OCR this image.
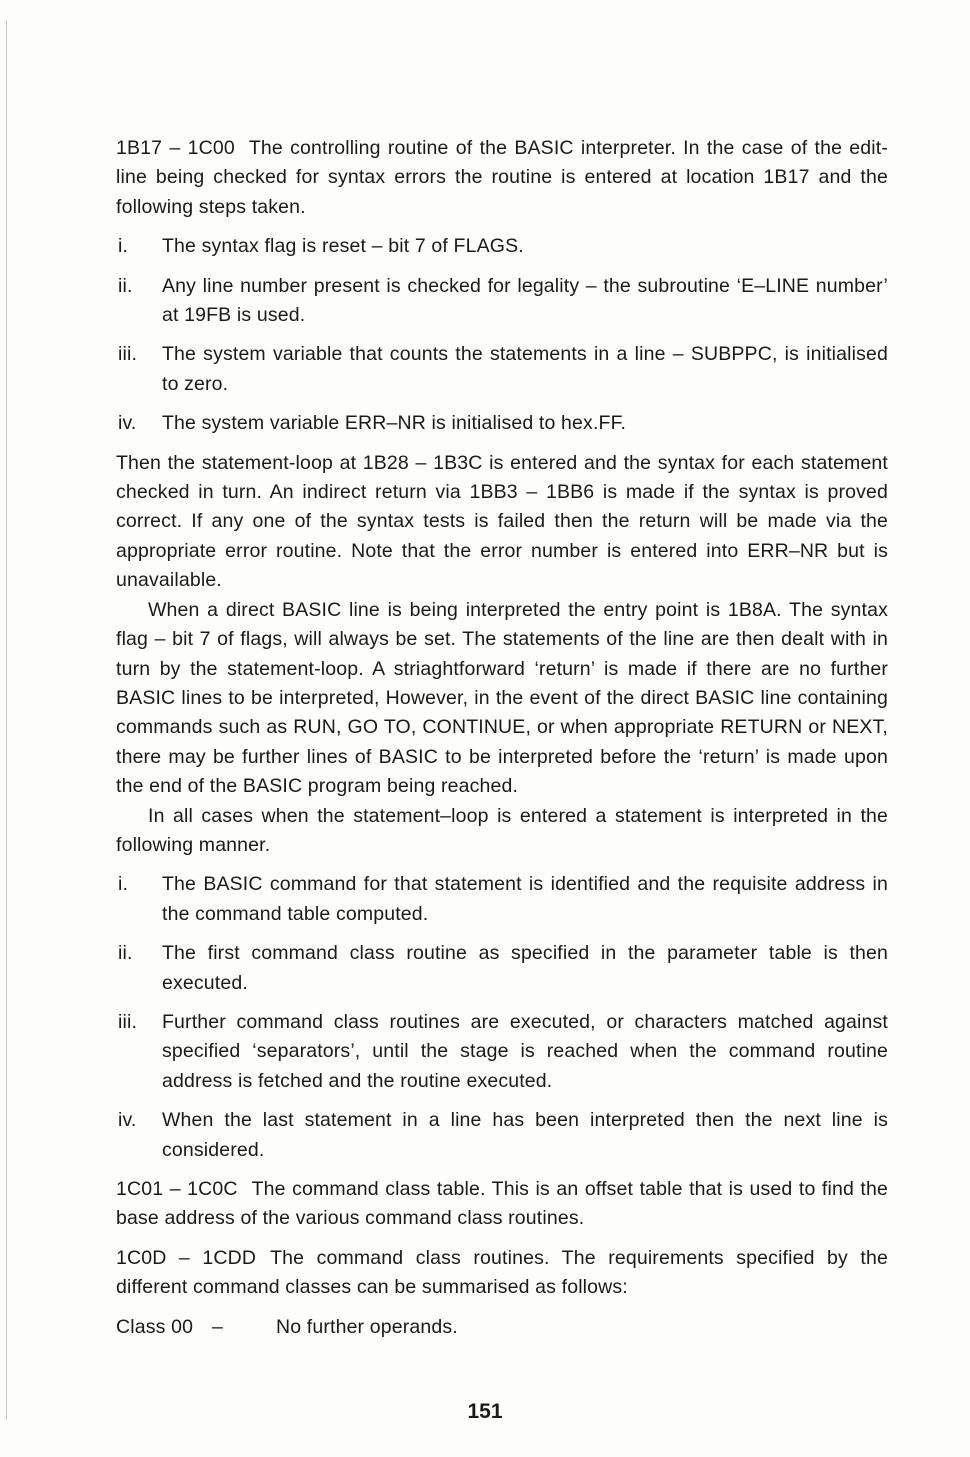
1B17 – 1C00 The controlling routine of the BASIC interpreter. In the case of the edit-line being checked for syntax errors the routine is entered at location 1B17 and the following steps taken.

i.	The syntax flag is reset – bit 7 of FLAGS.
ii.	Any line number present is checked for legality – the subroutine ‘E–LINE number’ at 19FB is used.
iii.	The system variable that counts the statements in a line – SUBPPC, is initialised to zero.
iv.	The system variable ERR–NR is initialised to hex.FF.

Then the statement-loop at 1B28 – 1B3C is entered and the syntax for each statement checked in turn. An indirect return via 1BB3 – 1BB6 is made if the syntax is proved correct. If any one of the syntax tests is failed then the return will be made via the appropriate error routine. Note that the error number is entered into ERR–NR but is unavailable.

When a direct BASIC line is being interpreted the entry point is 1B8A. The syntax flag – bit 7 of flags, will always be set. The statements of the line are then dealt with in turn by the statement-loop. A striaghtforward ‘return’ is made if there are no further BASIC lines to be interpreted, However, in the event of the direct BASIC line containing commands such as RUN, GO TO, CONTINUE, or when appropriate RETURN or NEXT, there may be further lines of BASIC to be interpreted before the ‘return’ is made upon the end of the BASIC program being reached.

In all cases when the statement–loop is entered a statement is interpreted in the following manner.

i.	The BASIC command for that statement is identified and the requisite address in the command table computed.
ii.	The first command class routine as specified in the parameter table is then executed.
iii.	Further command class routines are executed, or characters matched against specified ‘separators’, until the stage is reached when the command routine address is fetched and the routine executed.
iv.	When the last statement in a line has been interpreted then the next line is considered.

1C01 – 1C0C The command class table. This is an offset table that is used to find the base address of the various command class routines.

1C0D – 1CDD The command class routines. The requirements specified by the different command classes can be summarised as follows:

Class 00 –	No further operands.
151
